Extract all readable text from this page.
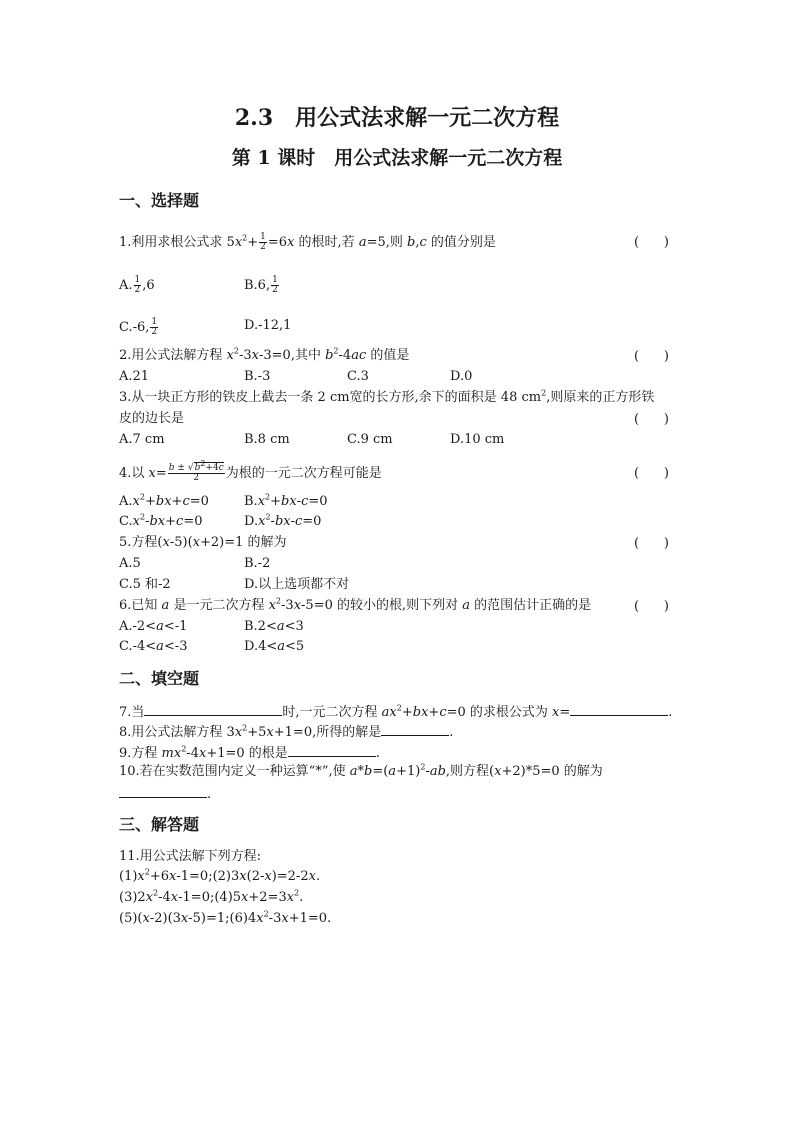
2.3　用公式法求解一元二次方程
第 1 课时　用公式法求解一元二次方程
一、选择题
1.利用求根公式求 $5x^2+ \frac{1}{2} =6x$ 的根时,若 a=5,则 b,c 的值分别是	(      )
A. $\frac{1}{2} ,6$	B.6, $\frac{1}{2}$
C.-6, $\frac{1}{2}$	D.-12,1
2.用公式法解方程 $x^2-3x-3=0$,其中 $b^2-4ac$ 的值是	(      )
A.21	B.-3	C.3	D.0
3.从一块正方形的铁皮上截去一条 2 cm宽的长方形,余下的面积是 48 $cm^2$,则原来的正方形铁
皮的边长是	(      )
A.7 cm	B.8 cm	C.9 cm	D.10 cm
4.以 $x= \frac{b \pm √b^2+4c}{2}$ 为根的一元二次方程可能是	(      )
$A.x^2+bx+c=0$	$B.x^2+bx-c=0$
$C.x^2-bx+c=0$	$D.x^2-bx-c=0$
5.方程(x-5)(x+2)=1 的解为	(      )
A.5	B.-2
C.5 和-2	D.以上选项都不对
6.已知 a 是一元二次方程 $x^2-3x-5=0$ 的较小的根,则下列对 a 的范围估计正确的是	(      )
A.-2<a<-1	B.2<a<3
C.-4<a<-3	D.4<a<5
二、填空题
7.当	时,一元二次方程 $ax^2+bx+c=0$ 的求根公式为 x=	.
8.用公式法解方程 $3x^2+5x+1=0$,所得的解是	.
9.方程 $mx^2-4x+1=0$ 的根是	.
10.若在实数范围内定义一种运算“*”,使 $a*b=(a+1)^2-ab$,则方程(x+2)*5=0 的解为
.
三、解答题
11.用公式法解下列方程:
$(1)x^2+6x-1=0;(2)3x(2-x)=2-2x$.
$(3)2x^2-4x-1=0;(4)5x+2=3x^2$.
$(5)(x-2)(3x-5)=1;(6)4x^2-3x+1=0$.
